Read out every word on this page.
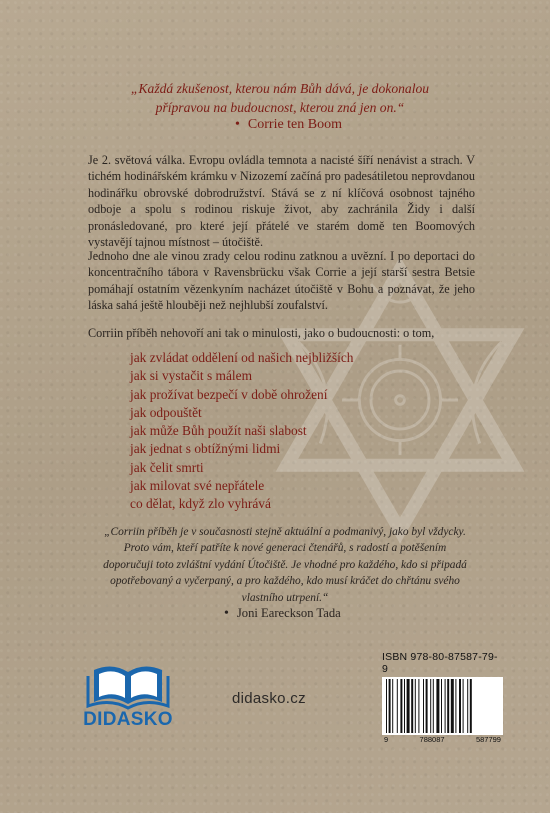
„Každá zkušenost, kterou nám Bůh dává, je dokonalou
přípravou na budoucnost, kterou zná jen on.“
• Corrie ten Boom
Je 2. světová válka. Evropu ovládla temnota a nacisté šíří nenávist a strach. V tichém hodinářském krámku v Nizozemí začíná pro padesátiletou neprovdanou hodinářku obrovské dobrodružství. Stává se z ní klíčová osobnost tajného odboje a spolu s rodinou riskuje život, aby zachránila Židy i další pronásledované, pro které její přátelé ve starém domě ten Boomových vystavějí tajnou místnost – útočiště.
Jednoho dne ale vinou zrady celou rodinu zatknou a uvězní. I po deportaci do koncentračního tábora v Ravensbrücku však Corrie a její starší sestra Betsie pomáhají ostatním vězenkyním nacházet útočiště v Bohu a poznávat, že jeho láska sahá ještě hlouběji než nejhlubší zoufalství.
Corriin příběh nehovoří ani tak o minulosti, jako o budoucnosti: o tom,
jak zvládat oddělení od našich nejbližších
jak si vystačit s málem
jak prožívat bezpečí v době ohrožení
jak odpouštět
jak může Bůh použít naši slabost
jak jednat s obtížnými lidmi
jak čelit smrti
jak milovat své nepřátele
co dělat, když zlo vyhrává
„Corriin příběh je v současnosti stejně aktuální a podmanivý, jako byl vždycky. Proto vám, kteří patříte k nové generaci čtenářů, s radostí a potěšením doporučuji toto zvláštní vydání Útočiště. Je vhodné pro každého, kdo si připadá opotřebovaný a vyčerpaný, a pro každého, kdo musí kráčet do chřtánu svého vlastního utrpení.“
• Joni Eareckson Tada
DIDASKO
didasko.cz
ISBN 978-80-87587-79-9
9	788087	587799
